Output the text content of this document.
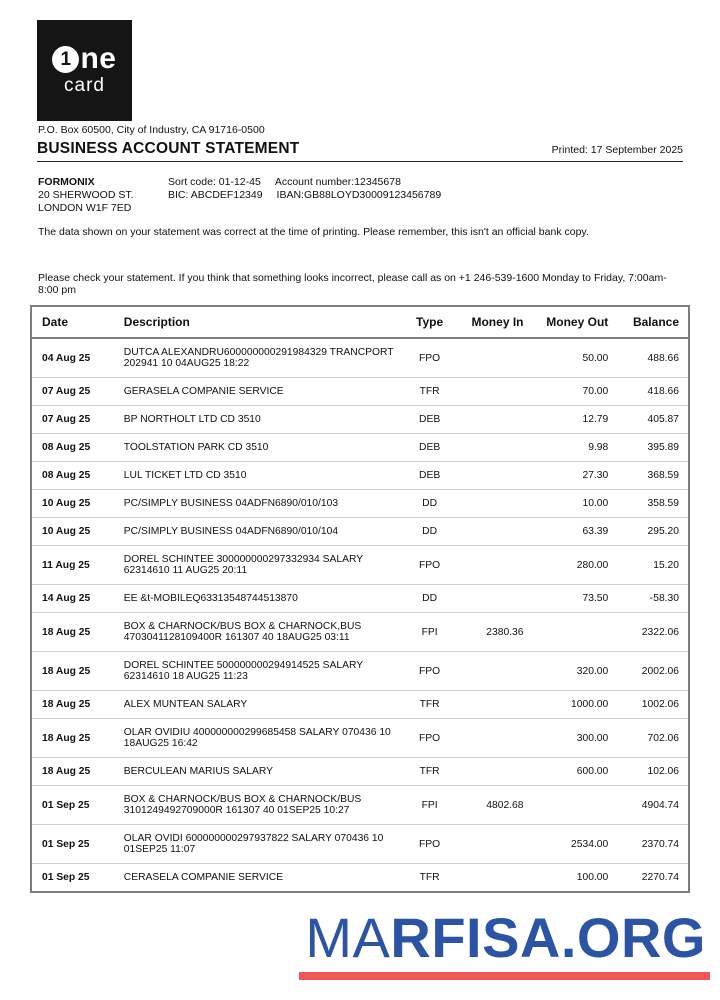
1 ne
card
P.O. Box 60500, City of Industry, CA 91716-0500
BUSINESS ACCOUNT STATEMENT	Printed: 17 September 2025
FORMONIX
20 SHERWOOD ST.
LONDON W1F 7ED
Sort code: 01-12-45 Account number:12345678
BIC: ABCDEF12349 IBAN:GB88LOYD30009123456789
The data shown on your statement was correct at the time of printing. Please remember, this isn't an official bank copy.
Please check your statement. If you think that something looks incorrect, please call as on +1 246-539-1600 Monday to Friday, 7:00am-8:00 pm
Date	Description	Type	Money In	Money Out	Balance
04 Aug 25	DUTCA ALEXANDRU600000000291984329 TRANCPORT 202941 10 04AUG25 18:22	FPO		50.00	488.66
07 Aug 25	GERASELA COMPANIE SERVICE	TFR		70.00	418.66
07 Aug 25	BP NORTHOLT LTD CD 3510	DEB		12.79	405.87
08 Aug 25	TOOLSTATION PARK CD 3510	DEB		9.98	395.89
08 Aug 25	LUL TICKET LTD CD 3510	DEB		27.30	368.59
10 Aug 25	PC/SIMPLY BUSINESS 04ADFN6890/010/103	DD		10.00	358.59
10 Aug 25	PC/SIMPLY BUSINESS 04ADFN6890/010/104	DD		63.39	295.20
11 Aug 25	DOREL SCHINTEE 300000000297332934 SALARY 62314610 11 AUG25 20:11	FPO		280.00	15.20
14 Aug 25	EE &t-MOBILEQ63313548744513870	DD		73.50	-58.30
18 Aug 25	BOX & CHARNOCK/BUS BOX & CHARNOCK,BUS 4703041128109400R 161307 40 18AUG25 03:11	FPI	2380.36		2322.06
18 Aug 25	DOREL SCHINTEE 500000000294914525 SALARY 62314610 18 AUG25 11:23	FPO		320.00	2002.06
18 Aug 25	ALEX MUNTEAN SALARY	TFR		1000.00	1002.06
18 Aug 25	OLAR OVIDIU 400000000299685458 SALARY 070436 10 18AUG25 16:42	FPO		300.00	702.06
18 Aug 25	BERCULEAN MARIUS SALARY	TFR		600.00	102.06
01 Sep 25	BOX & CHARNOCK/BUS BOX & CHARNOCK/BUS 3101249492709000R 161307 40 01SEP25 10:27	FPI	4802.68		4904.74
01 Sep 25	OLAR OVIDI 600000000297937822 SALARY 070436 10 01SEP25 11:07	FPO		2534.00	2370.74
01 Sep 25	CERASELA COMPANIE SERVICE	TFR		100.00	2270.74
MARFISA.ORG
